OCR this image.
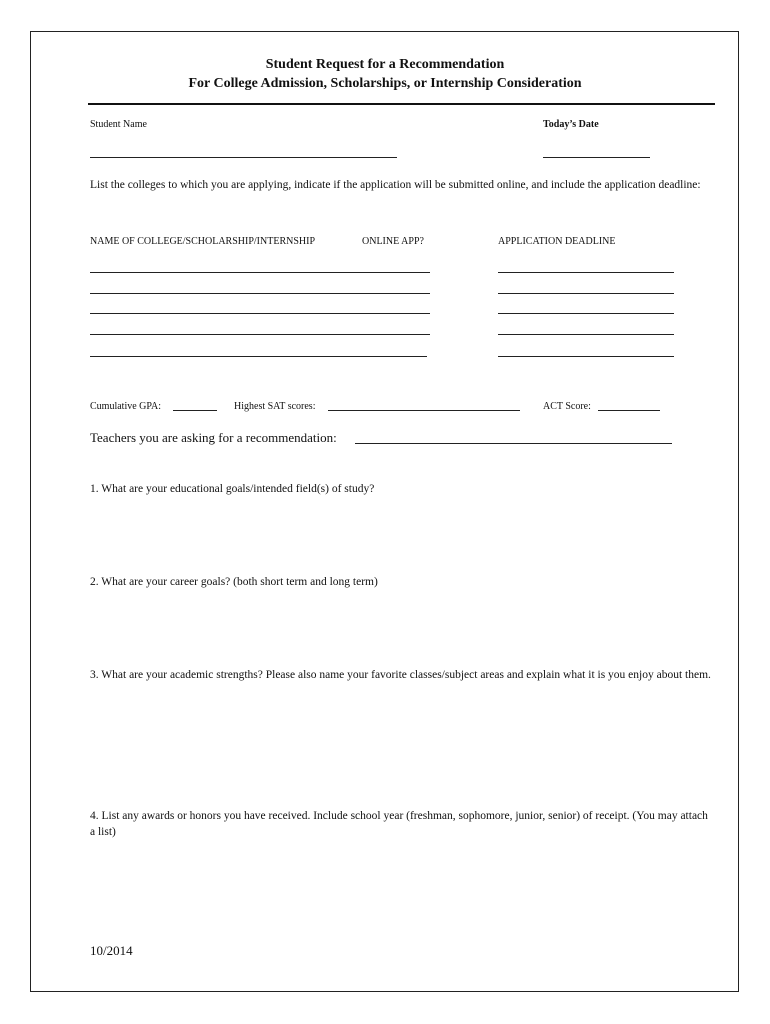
Student Request for a Recommendation
For College Admission, Scholarships, or Internship Consideration
Student Name	Today’s Date
List the colleges to which you are applying, indicate if the application will be submitted online, and include the application deadline:
NAME OF COLLEGE/SCHOLARSHIP/INTERNSHIP	ONLINE APP?	APPLICATION DEADLINE
Cumulative GPA:	Highest SAT scores:	ACT Score:
Teachers you are asking for a recommendation:
1. What are your educational goals/intended field(s) of study?
2. What are your career goals? (both short term and long term)
3. What are your academic strengths? Please also name your favorite classes/subject areas and explain what it is you enjoy about them.
4. List any awards or honors you have received. Include school year (freshman, sophomore, junior, senior) of receipt. (You may attach a list)
10/2014
